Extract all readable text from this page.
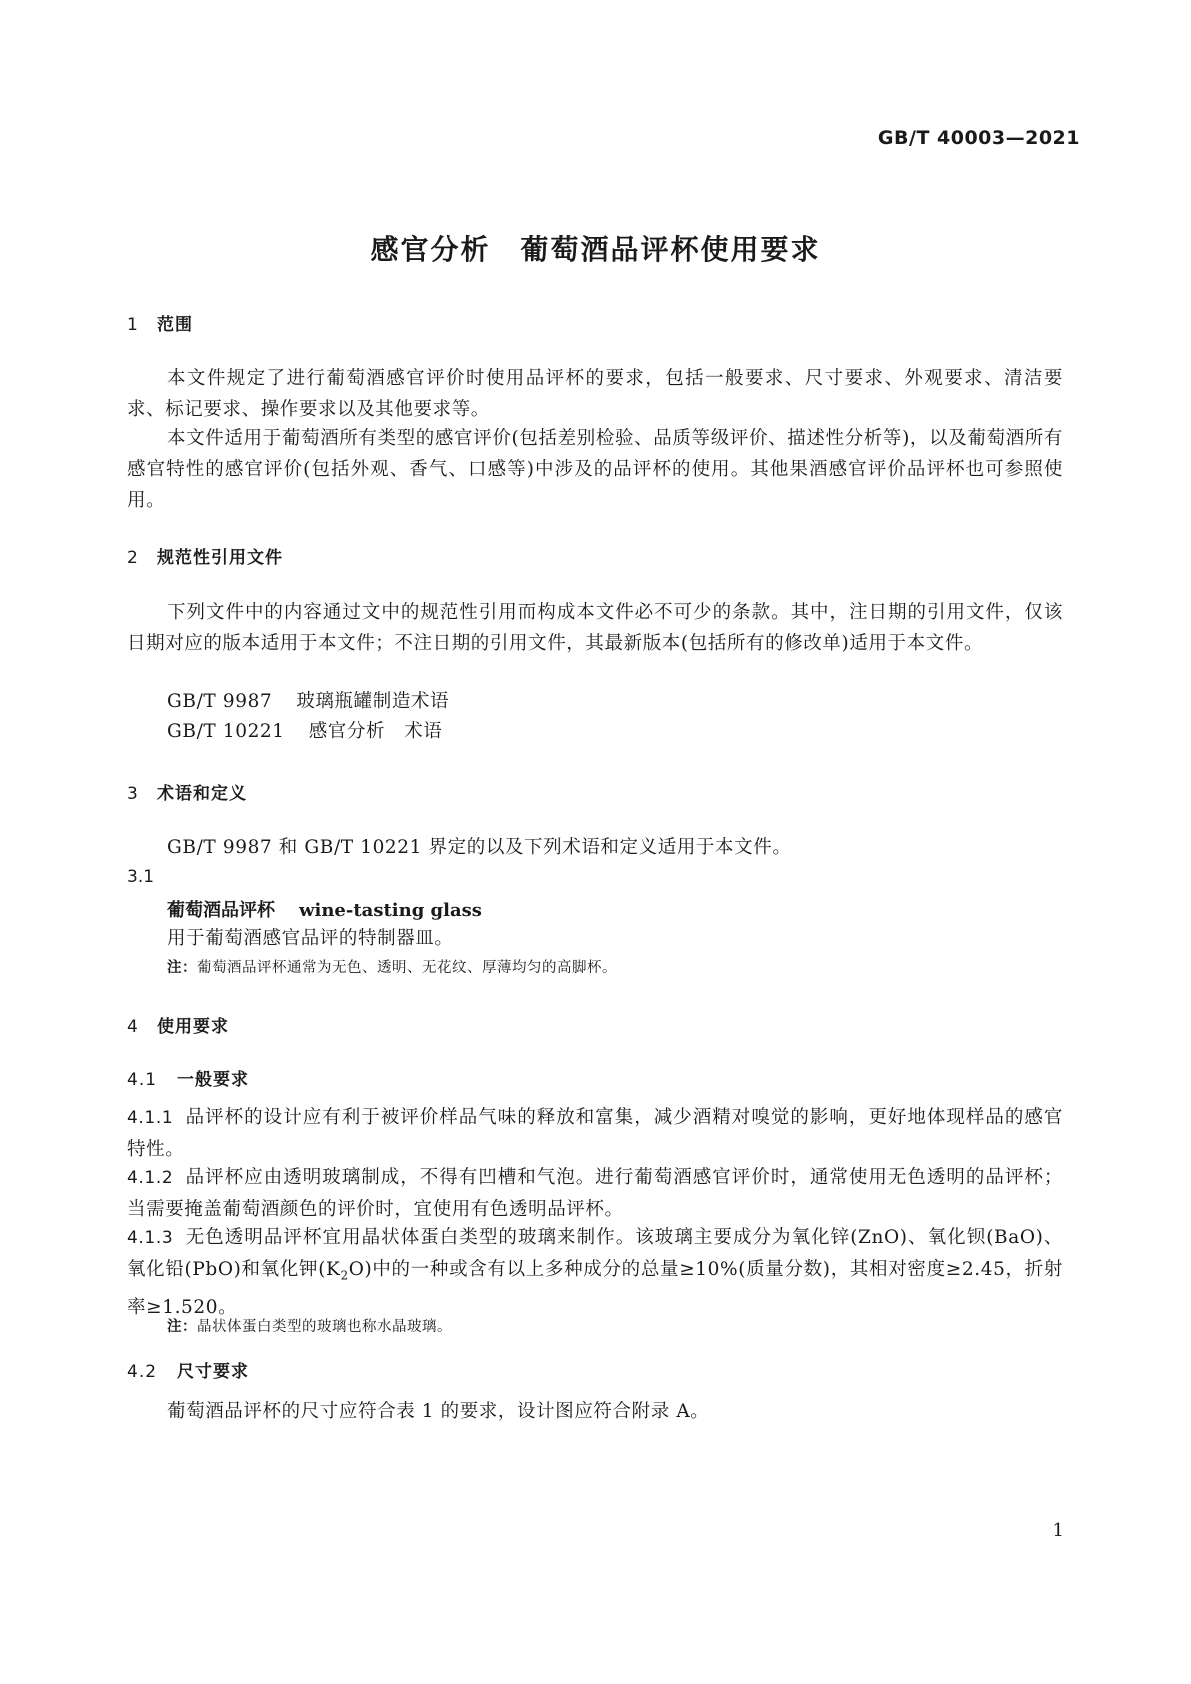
GB/T 40003—2021
感官分析　葡萄酒品评杯使用要求
1 范围
本文件规定了进行葡萄酒感官评价时使用品评杯的要求，包括一般要求、尺寸要求、外观要求、清洁要求、标记要求、操作要求以及其他要求等。
本文件适用于葡萄酒所有类型的感官评价(包括差别检验、品质等级评价、描述性分析等)，以及葡萄酒所有感官特性的感官评价(包括外观、香气、口感等)中涉及的品评杯的使用。其他果酒感官评价品评杯也可参照使用。
2 规范性引用文件
下列文件中的内容通过文中的规范性引用而构成本文件必不可少的条款。其中，注日期的引用文件，仅该日期对应的版本适用于本文件；不注日期的引用文件，其最新版本(包括所有的修改单)适用于本文件。
GB/T 9987 玻璃瓶罐制造术语
GB/T 10221 感官分析　术语
3 术语和定义
GB/T 9987 和 GB/T 10221 界定的以及下列术语和定义适用于本文件。
3.1
葡萄酒品评杯 wine-tasting glass
用于葡萄酒感官品评的特制器皿。
注：葡萄酒品评杯通常为无色、透明、无花纹、厚薄均匀的高脚杯。
4 使用要求
4.1 一般要求
4.1.1 品评杯的设计应有利于被评价样品气味的释放和富集，减少酒精对嗅觉的影响，更好地体现样品的感官特性。
4.1.2 品评杯应由透明玻璃制成，不得有凹槽和气泡。进行葡萄酒感官评价时，通常使用无色透明的品评杯；当需要掩盖葡萄酒颜色的评价时，宜使用有色透明品评杯。
4.1.3 无色透明品评杯宜用晶状体蛋白类型的玻璃来制作。该玻璃主要成分为氧化锌(ZnO)、氧化钡(BaO)、氧化铅(PbO)和氧化钾$(K_2O)$中的一种或含有以上多种成分的总量≥10%(质量分数)，其相对密度≥2.45，折射率≥1.520。
注：晶状体蛋白类型的玻璃也称水晶玻璃。
4.2 尺寸要求
葡萄酒品评杯的尺寸应符合表 1 的要求，设计图应符合附录 A。
1
